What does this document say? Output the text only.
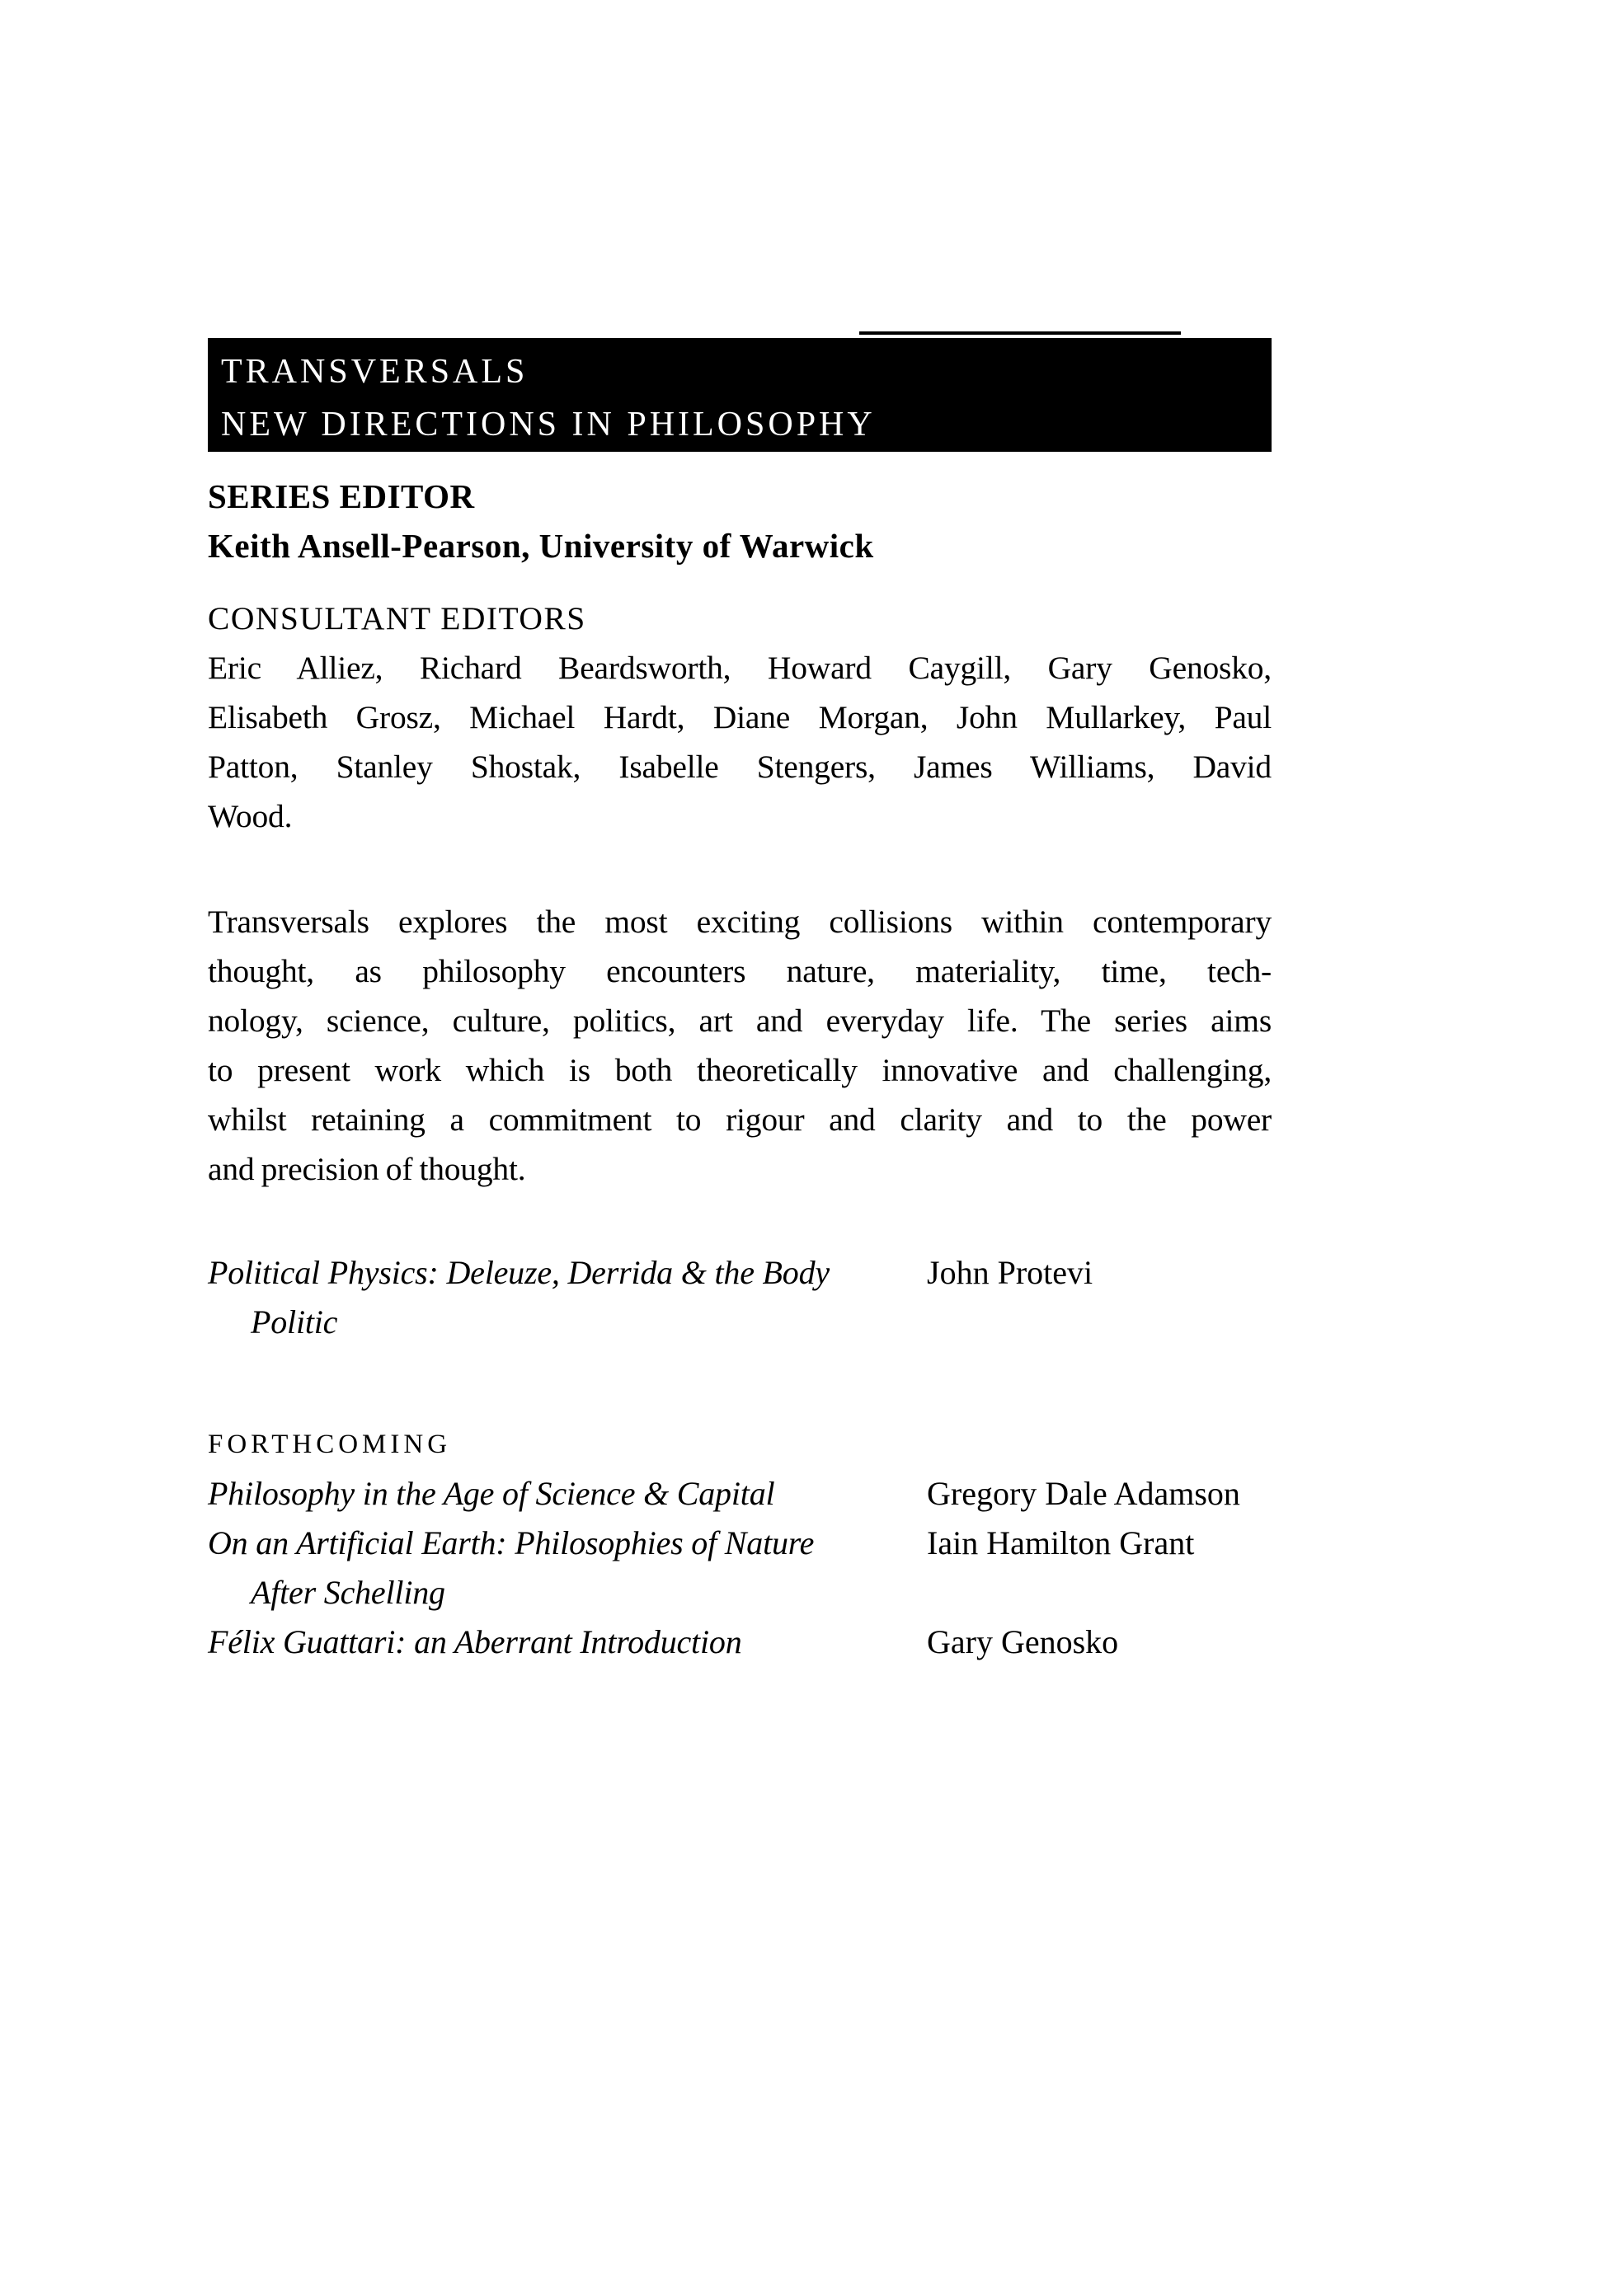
TRANSVERSALS
NEW DIRECTIONS IN PHILOSOPHY
SERIES EDITOR
Keith Ansell-Pearson, University of Warwick
CONSULTANT EDITORS
Eric Alliez, Richard Beardsworth, Howard Caygill, Gary Genosko,
Elisabeth Grosz, Michael Hardt, Diane Morgan, John Mullarkey, Paul
Patton, Stanley Shostak, Isabelle Stengers, James Williams, David
Wood.
Transversals explores the most exciting collisions within contemporary
thought, as philosophy encounters nature, materiality, time, tech-
nology, science, culture, politics, art and everyday life. The series aims
to present work which is both theoretically innovative and challenging,
whilst retaining a commitment to rigour and clarity and to the power
and precision of thought.
Political Physics: Deleuze, Derrida & the Body
Politic
John Protevi
FORTHCOMING
Philosophy in the Age of Science & Capital	Gregory Dale Adamson
On an Artificial Earth: Philosophies of Nature
After Schelling
Iain Hamilton Grant
Félix Guattari: an Aberrant Introduction	Gary Genosko
